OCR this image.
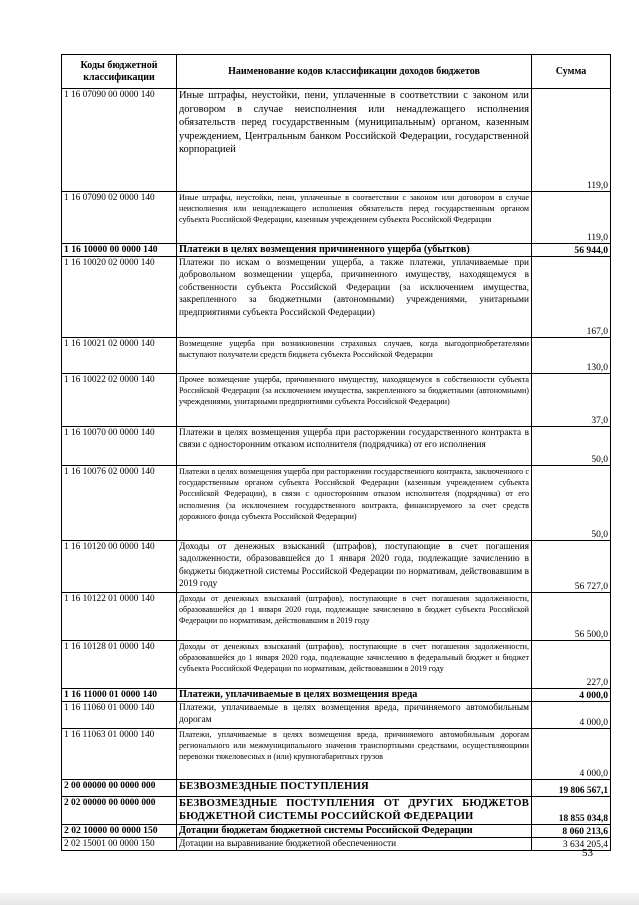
Коды бюджетной классификации	Наименование кодов классификации доходов бюджетов	Сумма
1 16 07090 00 0000 140	Иные штрафы, неустойки, пени, уплаченные в соответствии с законом или договором в случае неисполнения или ненадлежащего исполнения обязательств перед государственным (муниципальным) органом, казенным учреждением, Центральным банком Российской Федерации, государственной корпорацией	119,0
1 16 07090 02 0000 140	Иные штрафы, неустойки, пени, уплаченные в соответствии с законом или договором в случае неисполнения или ненадлежащего исполнения обязательств перед государственным органом субъекта Российской Федерации, казенным учреждением субъекта Российской Федерации	119,0
1 16 10000 00 0000 140	Платежи в целях возмещения причиненного ущерба (убытков)	56 944,0
1 16 10020 02 0000 140	Платежи по искам о возмещении ущерба, а также платежи, уплачиваемые при добровольном возмещении ущерба, причиненного имуществу, находящемуся в собственности субъекта Российской Федерации (за исключением имущества, закрепленного за бюджетными (автономными) учреждениями, унитарными предприятиями субъекта Российской Федерации)	167,0
1 16 10021 02 0000 140	Возмещение ущерба при возникновении страховых случаев, когда выгодоприобретателями выступают получатели средств бюджета субъекта Российской Федерации	130,0
1 16 10022 02 0000 140	Прочее возмещение ущерба, причиненного имуществу, находящемуся в собственности субъекта Российской Федерации (за исключением имущества, закрепленного за бюджетными (автономными) учреждениями, унитарными предприятиями субъекта Российской Федерации)	37,0
1 16 10070 00 0000 140	Платежи в целях возмещения ущерба при расторжении государственного контракта в связи с односторонним отказом исполнителя (подрядчика) от его исполнения	50,0
1 16 10076 02 0000 140	Платежи в целях возмещения ущерба при расторжении государственного контракта, заключенного с государственным органом субъекта Российской Федерации (казенным учреждением субъекта Российской Федерации), в связи с односторонним отказом исполнителя (подрядчика) от его исполнения (за исключением государственного контракта, финансируемого за счет средств дорожного фонда субъекта Российской Федерации)	50,0
1 16 10120 00 0000 140	Доходы от денежных взысканий (штрафов), поступающие в счет погашения задолженности, образовавшейся до 1 января 2020 года, подлежащие зачислению в бюджеты бюджетной системы Российской Федерации по нормативам, действовавшим в 2019 году	56 727,0
1 16 10122 01 0000 140	Доходы от денежных взысканий (штрафов), поступающие в счет погашения задолженности, образовавшейся до 1 января 2020 года, подлежащие зачислению в бюджет субъекта Российской Федерации по нормативам, действовавшим в 2019 году	56 500,0
1 16 10128 01 0000 140	Доходы от денежных взысканий (штрафов), поступающие в счет погашения задолженности, образовавшейся до 1 января 2020 года, подлежащие зачислению в федеральный бюджет и бюджет субъекта Российской Федерации по нормативам, действовавшим в 2019 году	227,0
1 16 11000 01 0000 140	Платежи, уплачиваемые в целях возмещения вреда	4 000,0
1 16 11060 01 0000 140	Платежи, уплачиваемые в целях возмещения вреда, причиняемого автомобильным дорогам	4 000,0
1 16 11063 01 0000 140	Платежи, уплачиваемые в целях возмещения вреда, причиняемого автомобильным дорогам регионального или межмуниципального значения транспортными средствами, осуществляющими перевозки тяжеловесных и (или) крупногабаритных грузов	4 000,0
2 00 00000 00 0000 000	БЕЗВОЗМЕЗДНЫЕ ПОСТУПЛЕНИЯ	19 806 567,1
2 02 00000 00 0000 000	БЕЗВОЗМЕЗДНЫЕ ПОСТУПЛЕНИЯ ОТ ДРУГИХ БЮДЖЕТОВ БЮДЖЕТНОЙ СИСТЕМЫ РОССИЙСКОЙ ФЕДЕРАЦИИ	18 855 034,8
2 02 10000 00 0000 150	Дотации бюджетам бюджетной системы Российской Федерации	8 060 213,6
2 02 15001 00 0000 150	Дотации на выравнивание бюджетной обеспеченности	3 634 205,4
53
